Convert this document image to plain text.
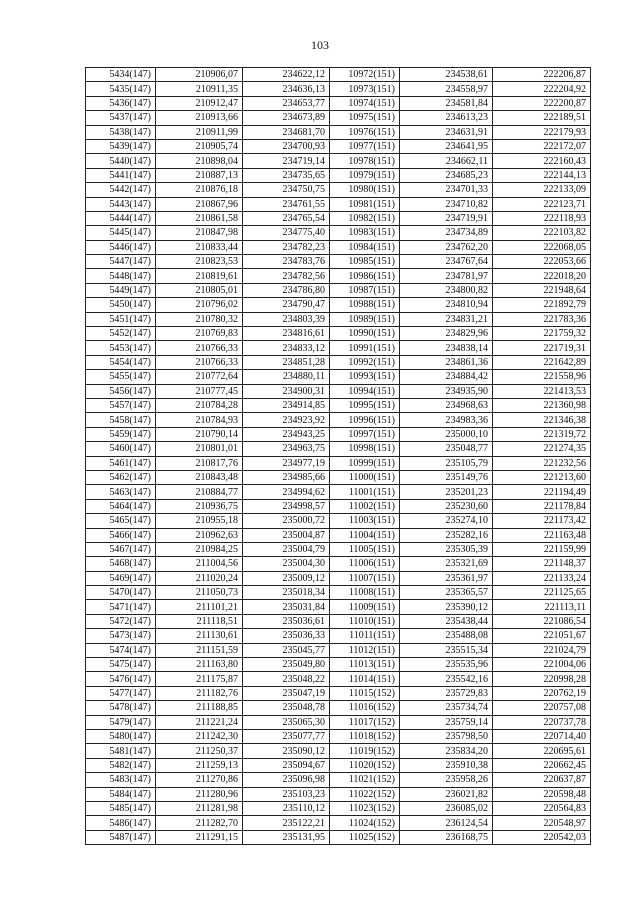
103
5434(147)	210906,07	234622,12	10972(151)	234538,61	222206,87
5435(147)	210911,35	234636,13	10973(151)	234558,97	222204,92
5436(147)	210912,47	234653,77	10974(151)	234581,84	222200,87
5437(147)	210913,66	234673,89	10975(151)	234613,23	222189,51
5438(147)	210911,99	234681,70	10976(151)	234631,91	222179,93
5439(147)	210905,74	234700,93	10977(151)	234641,95	222172,07
5440(147)	210898,04	234719,14	10978(151)	234662,11	222160,43
5441(147)	210887,13	234735,65	10979(151)	234685,23	222144,13
5442(147)	210876,18	234750,75	10980(151)	234701,33	222133,09
5443(147)	210867,96	234761,55	10981(151)	234710,82	222123,71
5444(147)	210861,58	234765,54	10982(151)	234719,91	222118,93
5445(147)	210847,98	234775,40	10983(151)	234734,89	222103,82
5446(147)	210833,44	234782,23	10984(151)	234762,20	222068,05
5447(147)	210823,53	234783,76	10985(151)	234767,64	222053,66
5448(147)	210819,61	234782,56	10986(151)	234781,97	222018,20
5449(147)	210805,01	234786,80	10987(151)	234800,82	221948,64
5450(147)	210796,02	234790,47	10988(151)	234810,94	221892,79
5451(147)	210780,32	234803,39	10989(151)	234831,21	221783,36
5452(147)	210769,83	234816,61	10990(151)	234829,96	221759,32
5453(147)	210766,33	234833,12	10991(151)	234838,14	221719,31
5454(147)	210766,33	234851,28	10992(151)	234861,36	221642,89
5455(147)	210772,64	234880,11	10993(151)	234884,42	221558,96
5456(147)	210777,45	234900,31	10994(151)	234935,90	221413,53
5457(147)	210784,28	234914,85	10995(151)	234968,63	221360,98
5458(147)	210784,93	234923,92	10996(151)	234983,36	221346,38
5459(147)	210790,14	234943,25	10997(151)	235000,10	221319,72
5460(147)	210801,01	234963,75	10998(151)	235048,77	221274,35
5461(147)	210817,76	234977,19	10999(151)	235105,79	221232,56
5462(147)	210843,48	234985,66	11000(151)	235149,76	221213,60
5463(147)	210884,77	234994,62	11001(151)	235201,23	221194,49
5464(147)	210936,75	234998,57	11002(151)	235230,60	221178,84
5465(147)	210955,18	235000,72	11003(151)	235274,10	221173,42
5466(147)	210962,63	235004,87	11004(151)	235282,16	221163,48
5467(147)	210984,25	235004,79	11005(151)	235305,39	221159,99
5468(147)	211004,56	235004,30	11006(151)	235321,69	221148,37
5469(147)	211020,24	235009,12	11007(151)	235361,97	221133,24
5470(147)	211050,73	235018,34	11008(151)	235365,57	221125,65
5471(147)	211101,21	235031,84	11009(151)	235390,12	221113,11
5472(147)	211118,51	235036,61	11010(151)	235438,44	221086,54
5473(147)	211130,61	235036,33	11011(151)	235488,08	221051,67
5474(147)	211151,59	235045,77	11012(151)	235515,34	221024,79
5475(147)	211163,80	235049,80	11013(151)	235535,96	221004,06
5476(147)	211175,87	235048,22	11014(151)	235542,16	220998,28
5477(147)	211182,76	235047,19	11015(152)	235729,83	220762,19
5478(147)	211188,85	235048,78	11016(152)	235734,74	220757,08
5479(147)	211221,24	235065,30	11017(152)	235759,14	220737,78
5480(147)	211242,30	235077,77	11018(152)	235798,50	220714,40
5481(147)	211250,37	235090,12	11019(152)	235834,20	220695,61
5482(147)	211259,13	235094,67	11020(152)	235910,38	220662,45
5483(147)	211270,86	235096,98	11021(152)	235958,26	220637,87
5484(147)	211280,96	235103,23	11022(152)	236021,82	220598,48
5485(147)	211281,98	235110,12	11023(152)	236085,02	220564,83
5486(147)	211282,70	235122,21	11024(152)	236124,54	220548,97
5487(147)	211291,15	235131,95	11025(152)	236168,75	220542,03
